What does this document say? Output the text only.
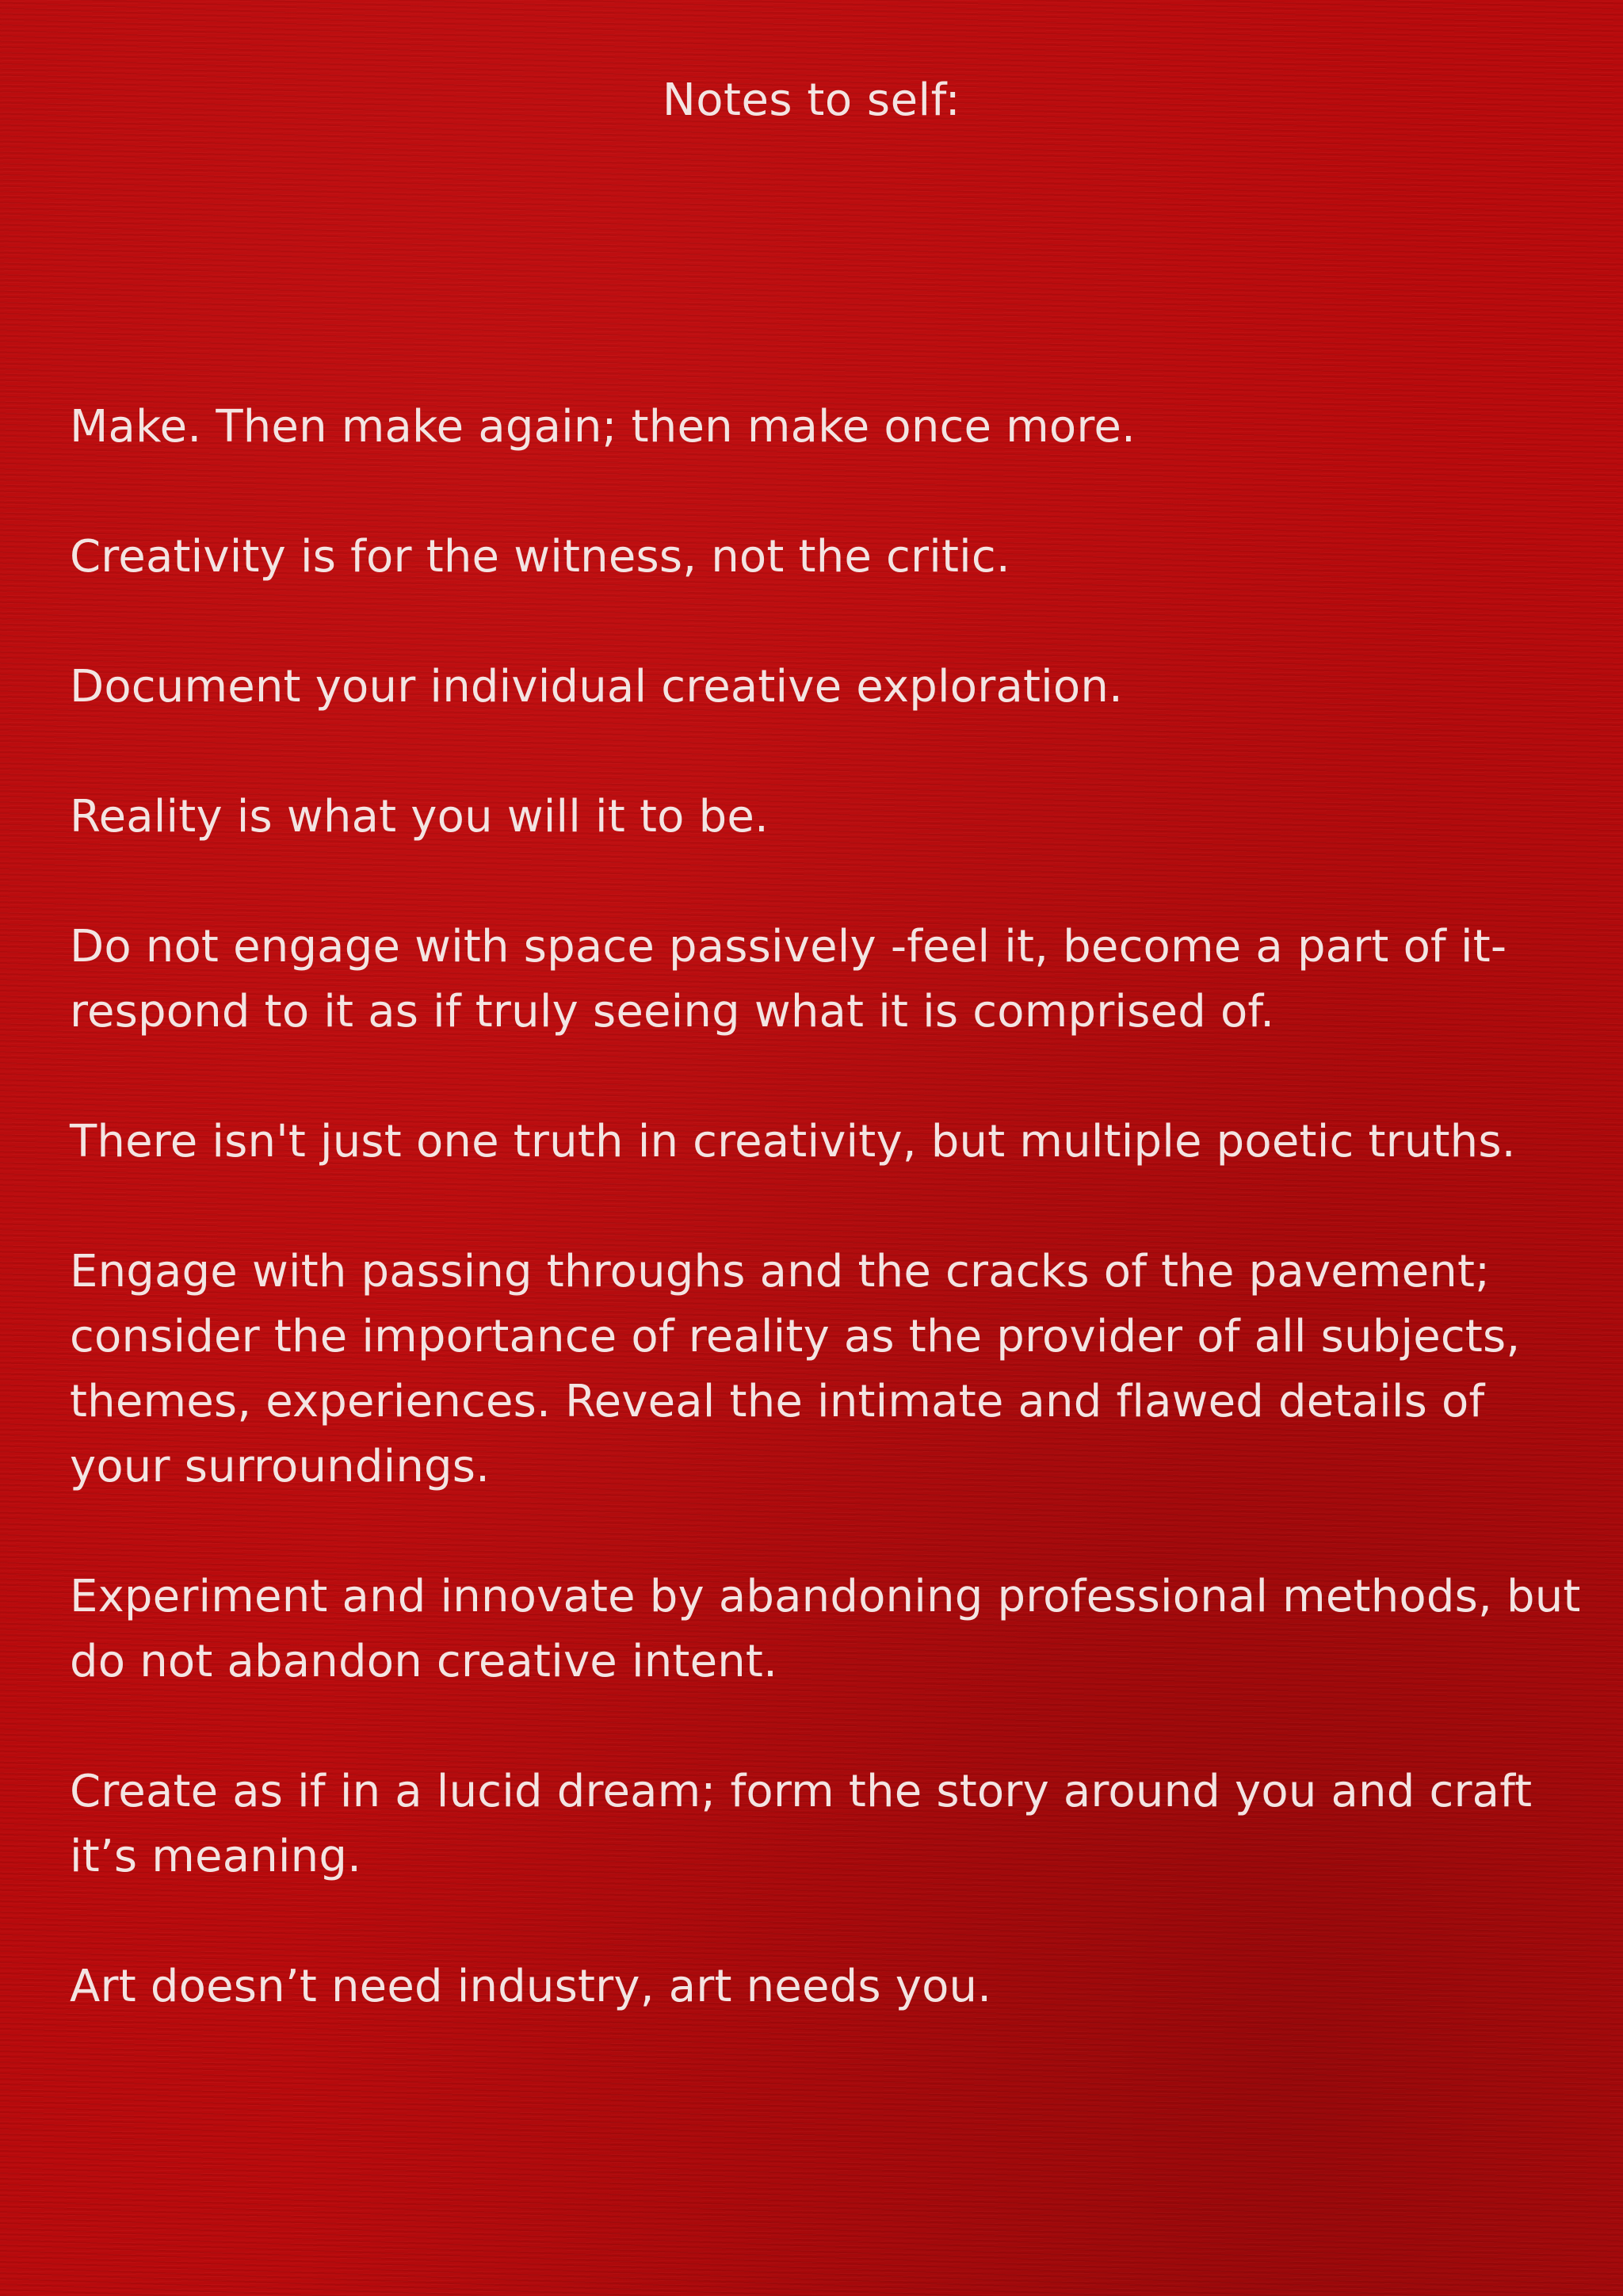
Notes to self:
Make. Then make again; then make once more.
Creativity is for the witness, not the critic.
Document your individual creative exploration.
Reality is what you will it to be.
Do not engage with space passively -feel it, become a part of it- respond to it as if truly seeing what it is comprised of.
There isn't just one truth in creativity, but multiple poetic truths.
Engage with passing throughs and the cracks of the pavement; consider the importance of reality as the provider of all subjects, themes, experiences. Reveal the intimate and flawed details of your surroundings.
Experiment and innovate by abandoning professional methods, but do not abandon creative intent.
Create as if in a lucid dream; form the story around you and craft it’s meaning.
Art doesn’t need industry, art needs you.
